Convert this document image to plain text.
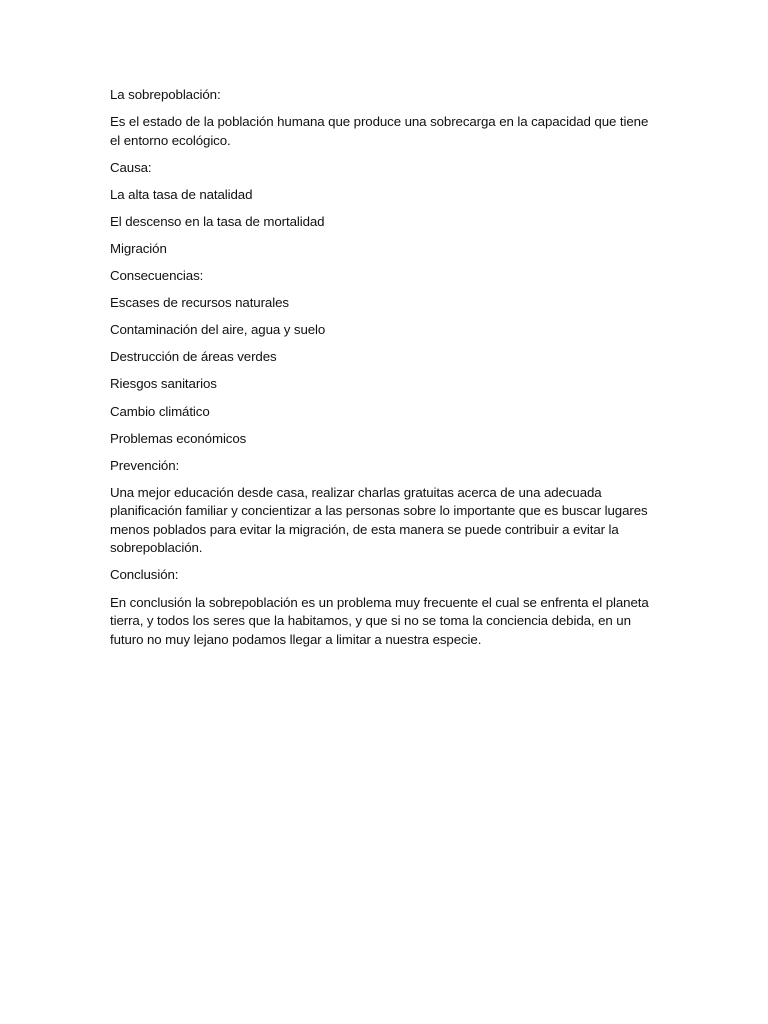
La sobrepoblación:

Es el estado de la población humana que produce una sobrecarga en la capacidad que tiene el entorno ecológico.

Causa:

La alta tasa de natalidad

El descenso en la tasa de mortalidad

Migración

Consecuencias:

Escases de recursos naturales

Contaminación del aire, agua y suelo

Destrucción de áreas verdes

Riesgos sanitarios

Cambio climático

Problemas económicos

Prevención:

Una mejor educación desde casa, realizar charlas gratuitas acerca de una adecuada planificación familiar y concientizar a las personas sobre lo importante que es buscar lugares menos poblados para evitar la migración, de esta manera se puede contribuir a evitar la sobrepoblación.

Conclusión:

En conclusión la sobrepoblación es un problema muy frecuente el cual se enfrenta el planeta tierra, y todos los seres que la habitamos, y que si no se toma la conciencia debida, en un futuro no muy lejano podamos llegar a limitar a nuestra especie.
